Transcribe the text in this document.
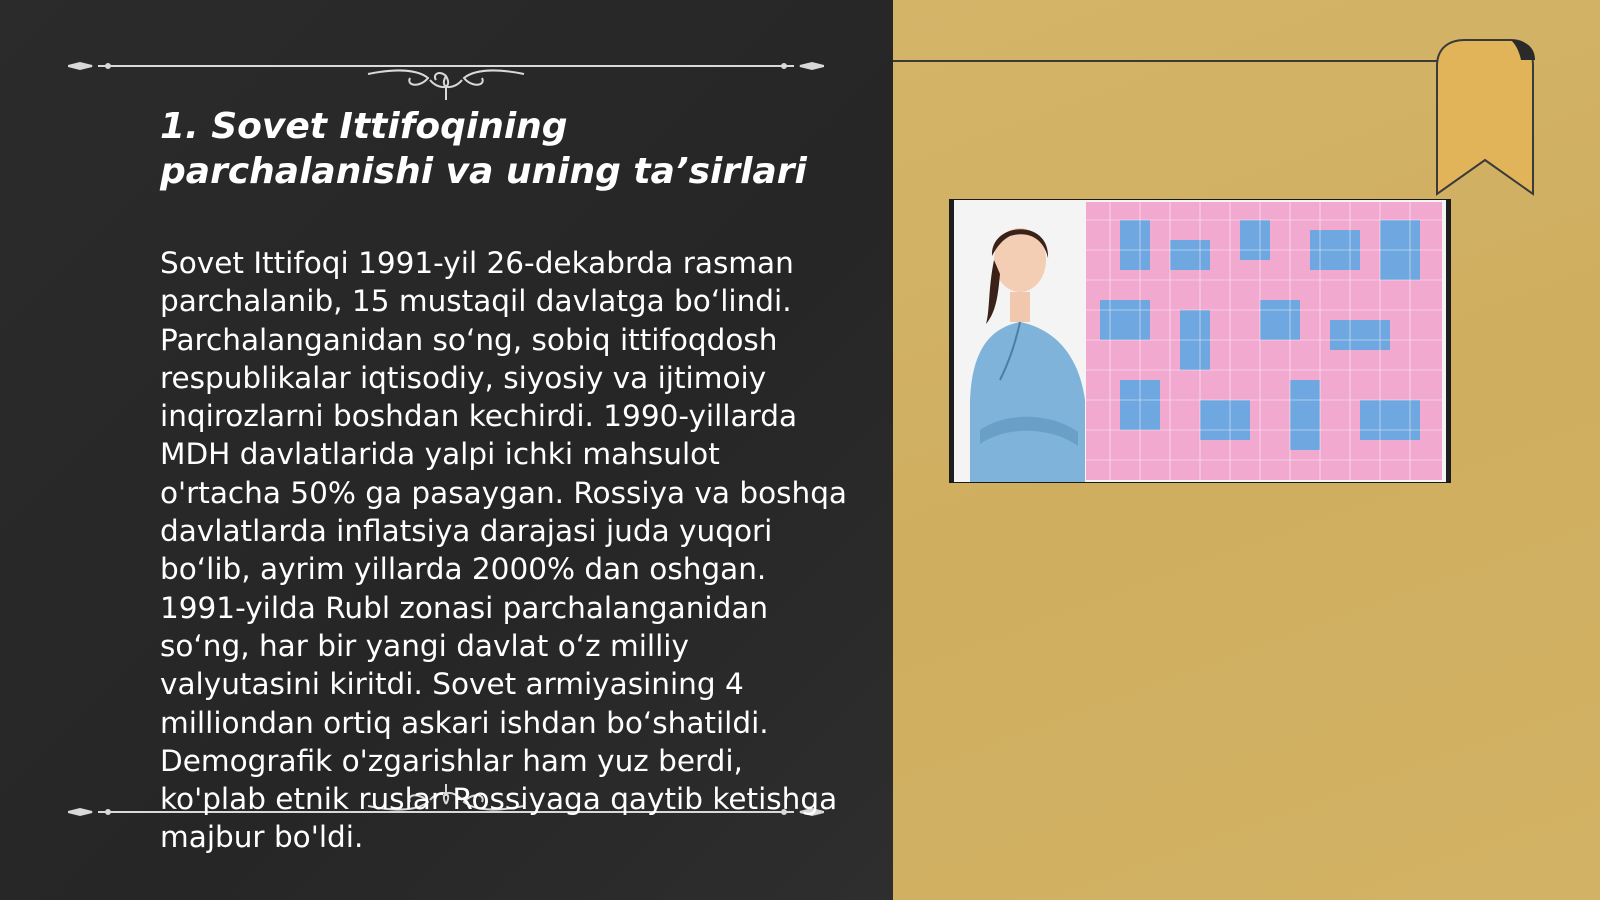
1. Sovet Ittifoqining parchalanishi va uning ta’sirlari

Sovet Ittifoqi 1991-yil 26-dekabrda rasman parchalanib, 15 mustaqil davlatga bo‘lindi. Parchalanganidan so‘ng, sobiq ittifoqdosh respublikalar iqtisodiy, siyosiy va ijtimoiy inqirozlarni boshdan kechirdi. 1990-yillarda MDH davlatlarida yalpi ichki mahsulot o'rtacha 50% ga pasaygan. Rossiya va boshqa davlatlarda inflatsiya darajasi juda yuqori bo‘lib, ayrim yillarda 2000% dan oshgan. 1991-yilda Rubl zonasi parchalanganidan so‘ng, har bir yangi davlat o‘z milliy valyutasini kiritdi. Sovet armiyasining 4 milliondan ortiq askari ishdan bo‘shatildi. Demografik o'zgarishlar ham yuz berdi, ko'plab etnik ruslar Rossiyaga qaytib ketishga majbur bo'ldi.
